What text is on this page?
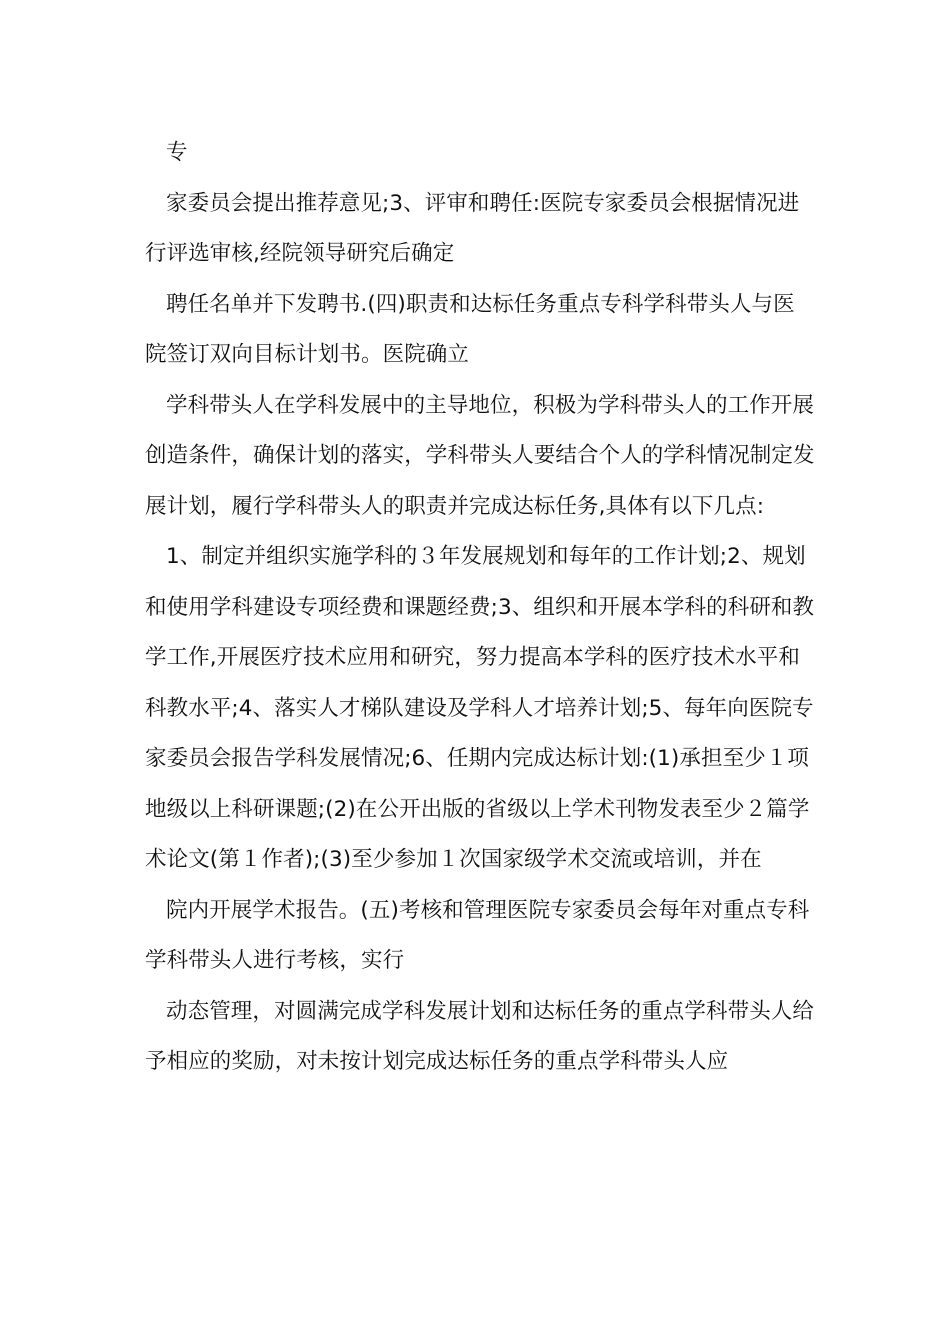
专

家委员会提出推荐意见;3、评审和聘任:医院专家委员会根据情况进行评选审核,经院领导研究后确定

聘任名单并下发聘书.(四)职责和达标任务重点专科学科带头人与医院签订双向目标计划书。医院确立

学科带头人在学科发展中的主导地位，积极为学科带头人的工作开展创造条件，确保计划的落实，学科带头人要结合个人的学科情况制定发展计划，履行学科带头人的职责并完成达标任务,具体有以下几点:

1、制定并组织实施学科的３年发展规划和每年的工作计划;2、规划和使用学科建设专项经费和课题经费;3、组织和开展本学科的科研和教学工作,开展医疗技术应用和研究，努力提高本学科的医疗技术水平和科教水平;4、落实人才梯队建设及学科人才培养计划;5、每年向医院专家委员会报告学科发展情况;6、任期内完成达标计划:(1)承担至少１项地级以上科研课题;(2)在公开出版的省级以上学术刊物发表至少２篇学术论文(第１作者);(3)至少参加１次国家级学术交流或培训，并在

院内开展学术报告。(五)考核和管理医院专家委员会每年对重点专科学科带头人进行考核，实行

动态管理，对圆满完成学科发展计划和达标任务的重点学科带头人给予相应的奖励，对未按计划完成达标任务的重点学科带头人应
